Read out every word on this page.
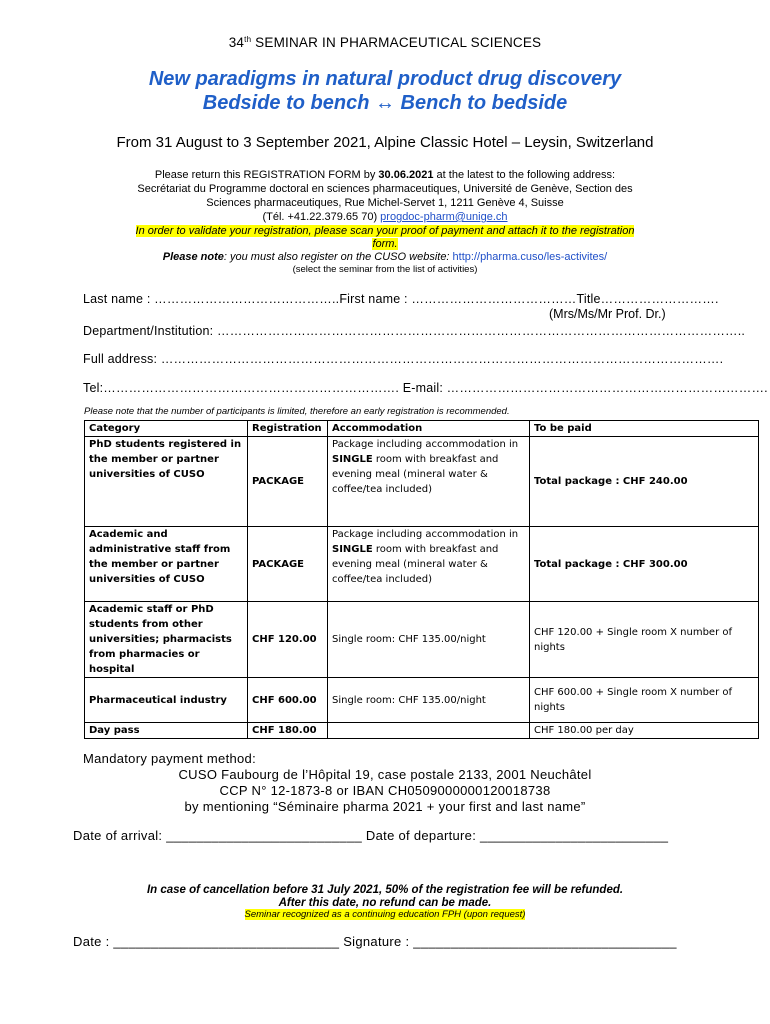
34th SEMINAR IN PHARMACEUTICAL SCIENCES
New paradigms in natural product drug discovery
Bedside to bench ↔ Bench to bedside
From 31 August to 3 September 2021, Alpine Classic Hotel – Leysin, Switzerland
Please return this REGISTRATION FORM by 30.06.2021 at the latest to the following address:
Secrétariat du Programme doctoral en sciences pharmaceutiques, Université de Genève, Section des
Sciences pharmaceutiques, Rue Michel-Servet 1, 1211 Genève 4, Suisse
(Tél. +41.22.379.65 70) progdoc-pharm@unige.ch
In order to validate your registration, please scan your proof of payment and attach it to the registration
form.
Please note: you must also register on the CUSO website: http://pharma.cuso/les-activites/
(select the seminar from the list of activities)
Last name : ……………………………………..First name : …………………………………Title……………………….
(Mrs/Ms/Mr Prof. Dr.)
Department/Institution: ……………………………………………………………………………………………………………..
Full address: …………………………………………………………………………………………………………………….
Tel:……………………………………………………………. E-mail: ………………………………………………………………….
Please note that the number of participants is limited, therefore an early registration is recommended.
Category	Registration	Accommodation	To be paid
PhD students registered in the member or partner universities of CUSO	PACKAGE	Package including accommodation in SINGLE room with breakfast and evening meal (mineral water & coffee/tea included)	Total package : CHF 240.00
Academic and administrative staff from the member or partner universities of CUSO	PACKAGE	Package including accommodation in SINGLE room with breakfast and evening meal (mineral water & coffee/tea included)	Total package : CHF 300.00
Academic staff or PhD students from other universities; pharmacists from pharmacies or hospital	CHF 120.00	Single room: CHF 135.00/night	CHF 120.00 + Single room X number of nights
Pharmaceutical industry	CHF 600.00	Single room: CHF 135.00/night	CHF 600.00 + Single room X number of nights
Day pass	CHF 180.00		CHF 180.00 per day
Mandatory payment method:
CUSO Faubourg de l’Hôpital 19, case postale 2133, 2001 Neuchâtel
CCP N° 12-1873-8 or IBAN CH0509000000120018738
by mentioning “Séminaire pharma 2021 + your first and last name”
Date of arrival: __________________________ Date of departure: _________________________
In case of cancellation before 31 July 2021, 50% of the registration fee will be refunded.
After this date, no refund can be made.
Seminar recognized as a continuing education FPH (upon request)
Date : ______________________________ Signature : ___________________________________
